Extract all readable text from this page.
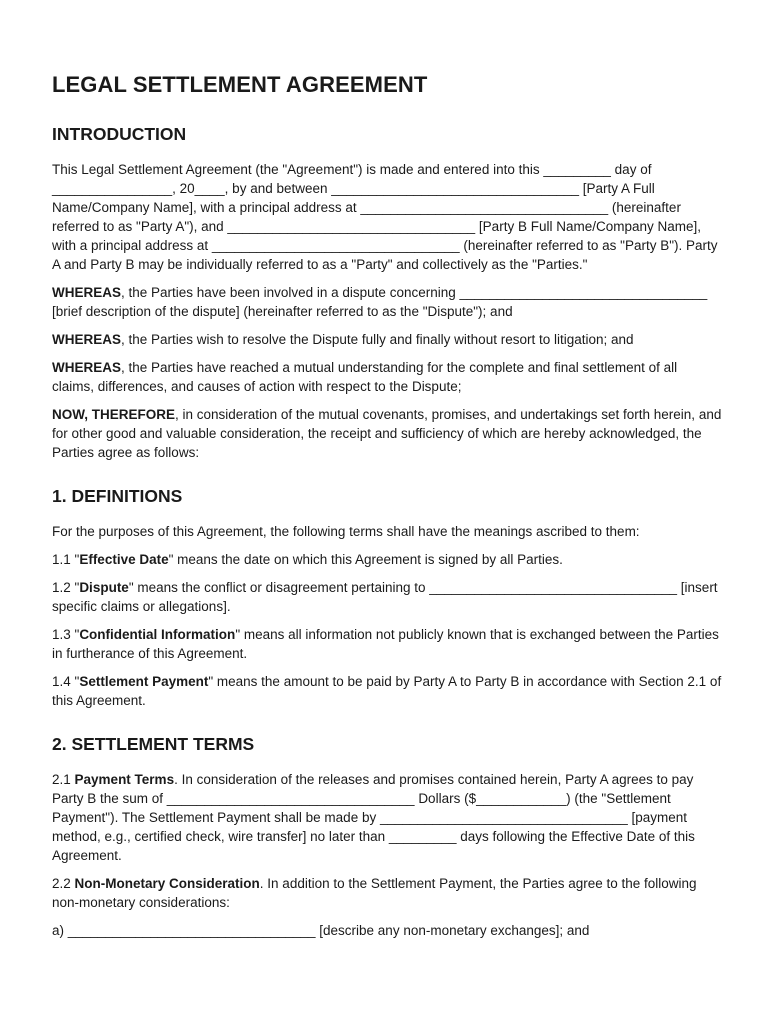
LEGAL SETTLEMENT AGREEMENT
INTRODUCTION

This Legal Settlement Agreement (the "Agreement") is made and entered into this _________ day of ________________, 20____, by and between _________________________________ [Party A Full Name/Company Name], with a principal address at _________________________________ (hereinafter referred to as "Party A"), and _________________________________ [Party B Full Name/Company Name], with a principal address at _________________________________ (hereinafter referred to as "Party B"). Party A and Party B may be individually referred to as a "Party" and collectively as the "Parties."

WHEREAS, the Parties have been involved in a dispute concerning _________________________________ [brief description of the dispute] (hereinafter referred to as the "Dispute"); and

WHEREAS, the Parties wish to resolve the Dispute fully and finally without resort to litigation; and

WHEREAS, the Parties have reached a mutual understanding for the complete and final settlement of all claims, differences, and causes of action with respect to the Dispute;

NOW, THEREFORE, in consideration of the mutual covenants, promises, and undertakings set forth herein, and for other good and valuable consideration, the receipt and sufficiency of which are hereby acknowledged, the Parties agree as follows:

1. DEFINITIONS

For the purposes of this Agreement, the following terms shall have the meanings ascribed to them:

1.1 "Effective Date" means the date on which this Agreement is signed by all Parties.

1.2 "Dispute" means the conflict or disagreement pertaining to _________________________________ [insert specific claims or allegations].

1.3 "Confidential Information" means all information not publicly known that is exchanged between the Parties in furtherance of this Agreement.

1.4 "Settlement Payment" means the amount to be paid by Party A to Party B in accordance with Section 2.1 of this Agreement.

2. SETTLEMENT TERMS

2.1 Payment Terms. In consideration of the releases and promises contained herein, Party A agrees to pay Party B the sum of _________________________________ Dollars ($____________) (the "Settlement Payment"). The Settlement Payment shall be made by _________________________________ [payment method, e.g., certified check, wire transfer] no later than _________ days following the Effective Date of this Agreement.

2.2 Non-Monetary Consideration. In addition to the Settlement Payment, the Parties agree to the following non-monetary considerations:

a) _________________________________ [describe any non-monetary exchanges]; and
